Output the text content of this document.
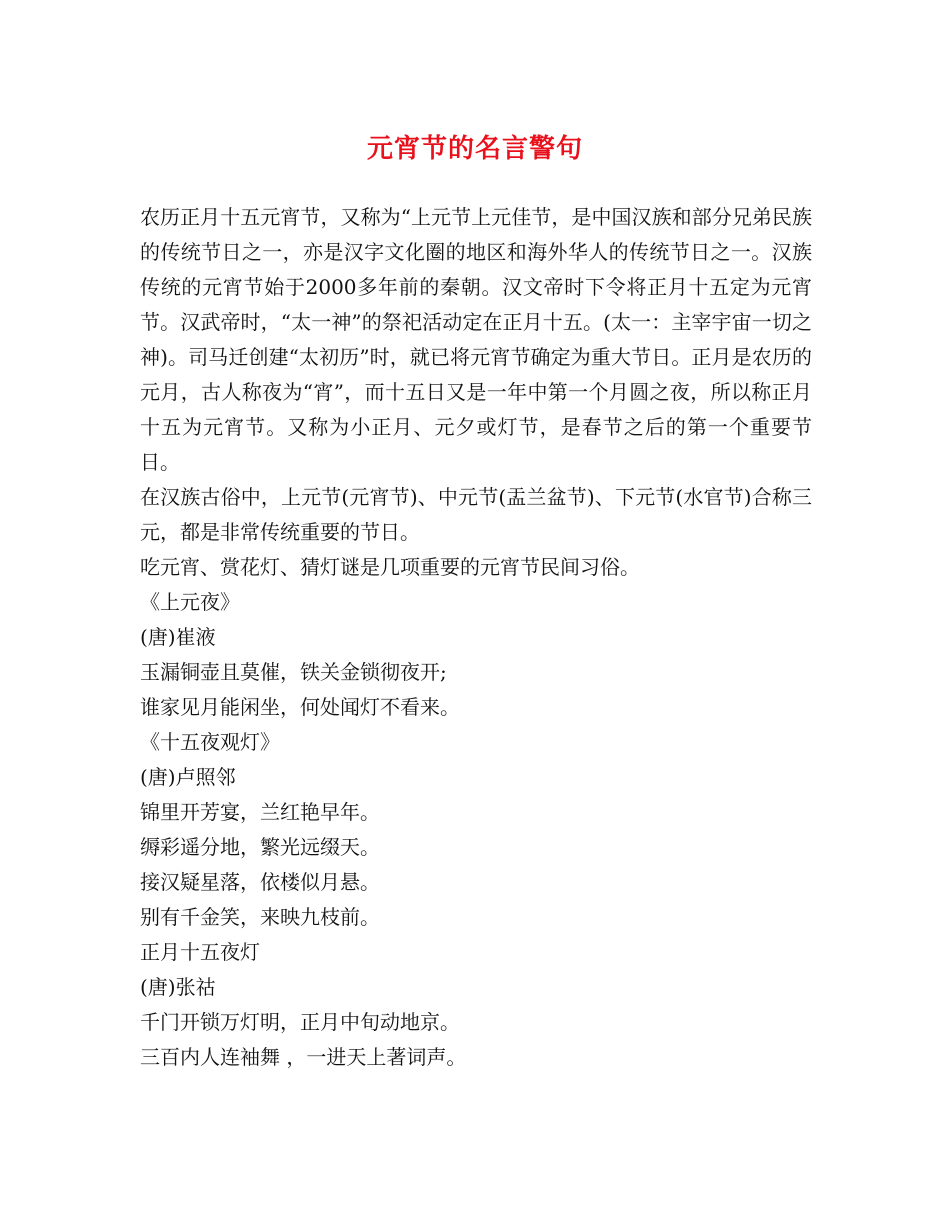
元宵节的名言警句

农历正月十五元宵节，又称为“上元节上元佳节，是中国汉族和部分兄弟民族的传统节日之一，亦是汉字文化圈的地区和海外华人的传统节日之一。汉族传统的元宵节始于2000多年前的秦朝。汉文帝时下令将正月十五定为元宵节。汉武帝时，“太一神”的祭祀活动定在正月十五。(太一：主宰宇宙一切之神)。司马迁创建“太初历”时，就已将元宵节确定为重大节日。正月是农历的元月，古人称夜为“宵”，而十五日又是一年中第一个月圆之夜，所以称正月十五为元宵节。又称为小正月、元夕或灯节，是春节之后的第一个重要节日。

在汉族古俗中，上元节(元宵节)、中元节(盂兰盆节)、下元节(水官节)合称三元，都是非常传统重要的节日。

吃元宵、赏花灯、猜灯谜是几项重要的元宵节民间习俗。

《上元夜》

(唐)崔液

玉漏铜壶且莫催，铁关金锁彻夜开;

谁家见月能闲坐，何处闻灯不看来。

《十五夜观灯》

(唐)卢照邻

锦里开芳宴，兰红艳早年。

缛彩遥分地，繁光远缀天。

接汉疑星落，依楼似月悬。

别有千金笑，来映九枝前。

正月十五夜灯

(唐)张祜

千门开锁万灯明，正月中旬动地京。

三百内人连袖舞 ，一进天上著词声。
